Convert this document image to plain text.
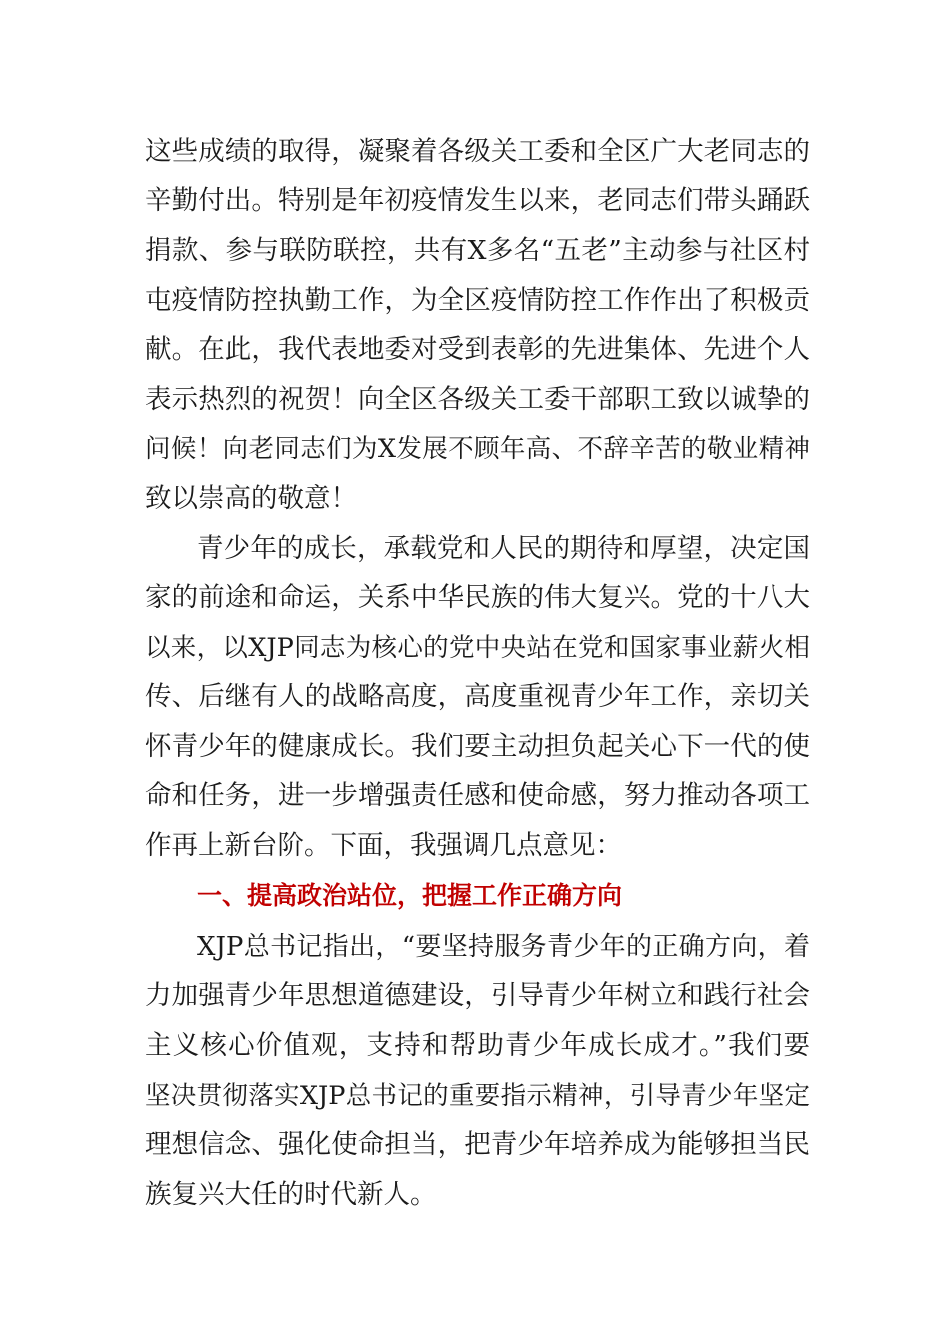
这些成绩的取得，凝聚着各级关工委和全区广大老同志的
辛勤付出。特别是年初疫情发生以来，老同志们带头踊跃
捐款、参与联防联控，共有X多名“五老”主动参与社区村
屯疫情防控执勤工作，为全区疫情防控工作作出了积极贡
献。在此，我代表地委对受到表彰的先进集体、先进个人
表示热烈的祝贺！向全区各级关工委干部职工致以诚挚的
问候！向老同志们为X发展不顾年高、不辞辛苦的敬业精神
致以崇高的敬意！
青少年的成长，承载党和人民的期待和厚望，决定国
家的前途和命运，关系中华民族的伟大复兴。党的十八大
以来，以XJP同志为核心的党中央站在党和国家事业薪火相
传、后继有人的战略高度，高度重视青少年工作，亲切关
怀青少年的健康成长。我们要主动担负起关心下一代的使
命和任务，进一步增强责任感和使命感，努力推动各项工
作再上新台阶。下面，我强调几点意见：
一、提高政治站位，把握工作正确方向
XJP总书记指出，“要坚持服务青少年的正确方向，着
力加强青少年思想道德建设，引导青少年树立和践行社会
主义核心价值观，支持和帮助青少年成长成才。”我们要
坚决贯彻落实XJP总书记的重要指示精神，引导青少年坚定
理想信念、强化使命担当，把青少年培养成为能够担当民
族复兴大任的时代新人。
